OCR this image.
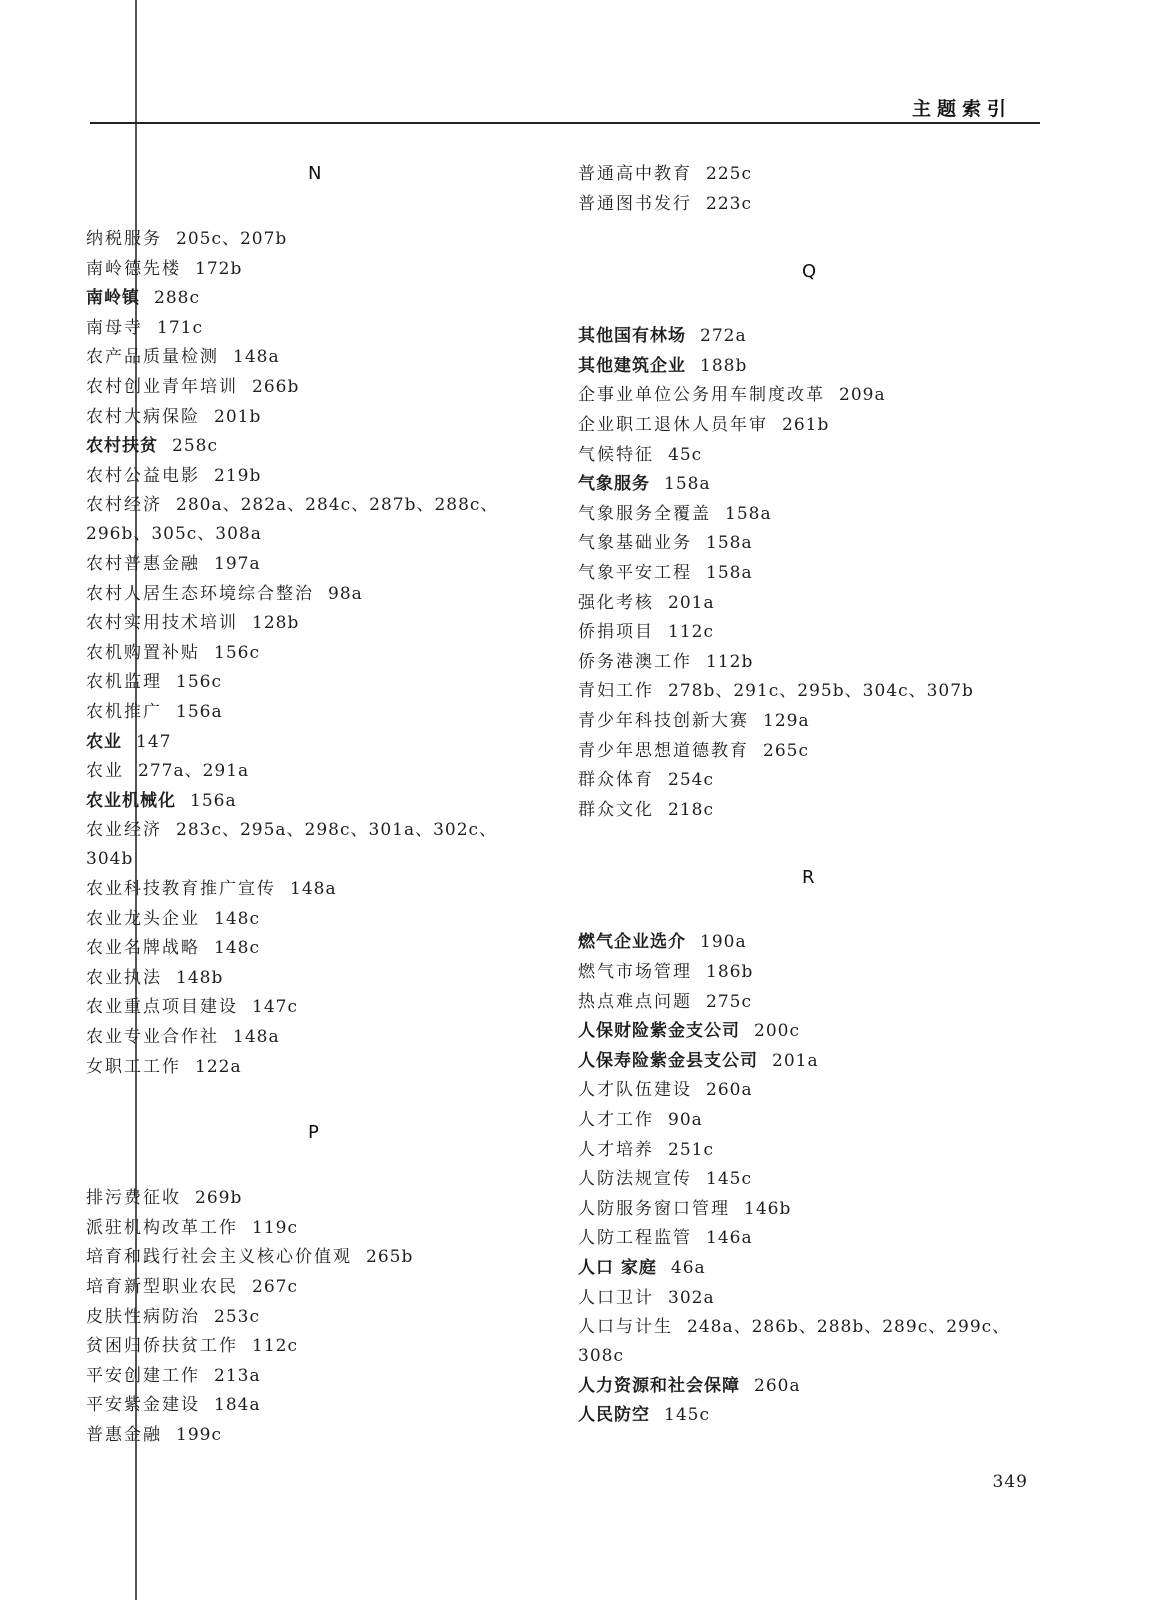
主题索引
N
纳税服务 205c、207b
南岭德先楼 172b
南岭镇 288c
南母寺 171c
农产品质量检测 148a
农村创业青年培训 266b
农村大病保险 201b
农村扶贫 258c
农村公益电影 219b
农村经济 280a、282a、284c、287b、288c、296b、305c、308a
农村普惠金融 197a
农村人居生态环境综合整治 98a
农村实用技术培训 128b
农机购置补贴 156c
农机监理 156c
农机推广 156a
农业 147
农业 277a、291a
农业机械化 156a
农业经济 283c、295a、298c、301a、302c、304b
农业科技教育推广宣传 148a
农业龙头企业 148c
农业名牌战略 148c
农业执法 148b
农业重点项目建设 147c
农业专业合作社 148a
女职工工作 122a
P
排污费征收 269b
派驻机构改革工作 119c
培育和践行社会主义核心价值观 265b
培育新型职业农民 267c
皮肤性病防治 253c
贫困归侨扶贫工作 112c
平安创建工作 213a
平安紫金建设 184a
普惠金融 199c
普通高中教育 225c
普通图书发行 223c
Q
其他国有林场 272a
其他建筑企业 188b
企事业单位公务用车制度改革 209a
企业职工退休人员年审 261b
气候特征 45c
气象服务 158a
气象服务全覆盖 158a
气象基础业务 158a
气象平安工程 158a
强化考核 201a
侨捐项目 112c
侨务港澳工作 112b
青妇工作 278b、291c、295b、304c、307b
青少年科技创新大赛 129a
青少年思想道德教育 265c
群众体育 254c
群众文化 218c
R
燃气企业选介 190a
燃气市场管理 186b
热点难点问题 275c
人保财险紫金支公司 200c
人保寿险紫金县支公司 201a
人才队伍建设 260a
人才工作 90a
人才培养 251c
人防法规宣传 145c
人防服务窗口管理 146b
人防工程监管 146a
人口 家庭 46a
人口卫计 302a
人口与计生 248a、286b、288b、289c、299c、308c
人力资源和社会保障 260a
人民防空 145c
349
